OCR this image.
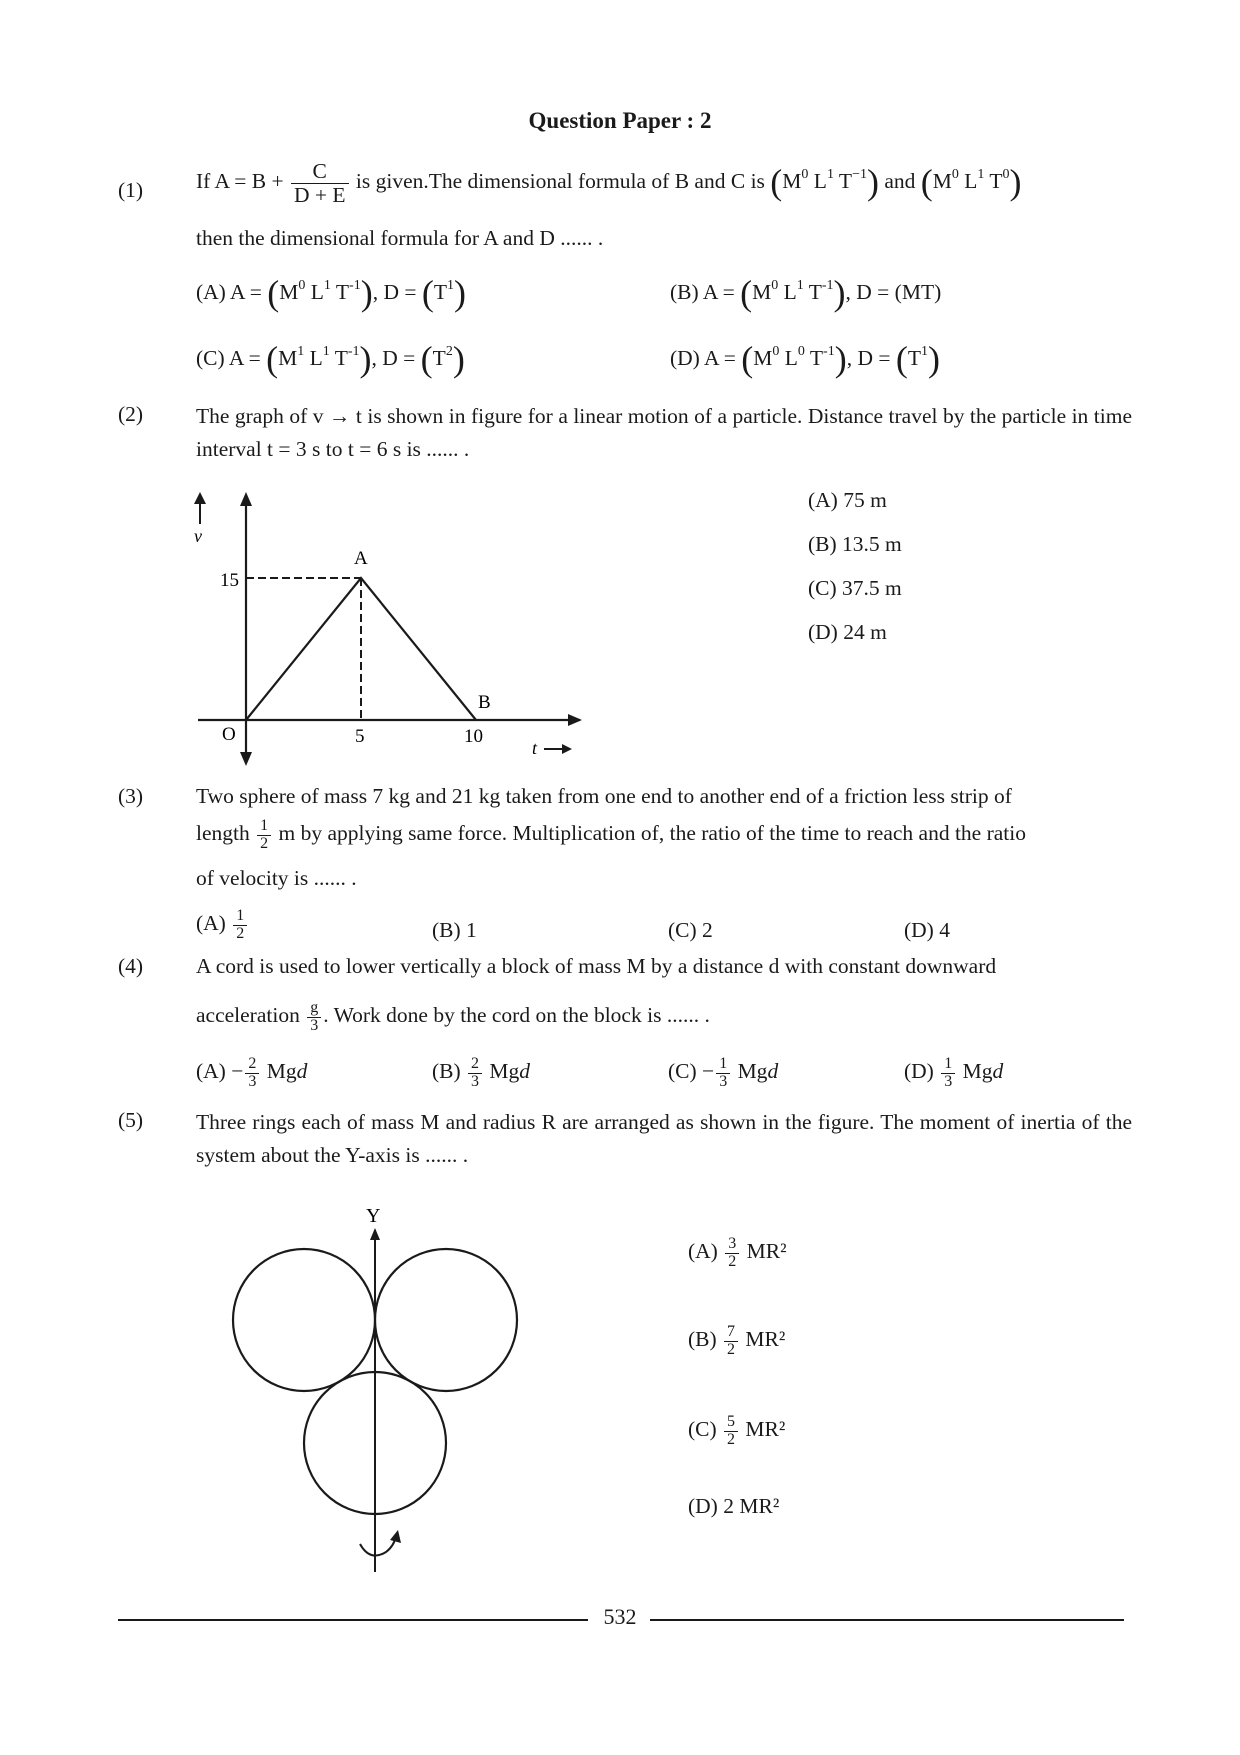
Question Paper : 2
(1) If $A = B + \frac{C}{D + E}$ is given.The dimensional formula of B and C is ($M^0$ $L^1$ $T^{-1}$) and ($M^0$ $L^1$ $T^0$)
then the dimensional formula for A and D ...... .
(A) $A = (M^0$ $L^1$ $T^{-1}$), $D = (T^1)$	(B) $A = (M^0$ $L^1$ $T^{-1}$), D = (MT)
(C) $A = (M^1$ $L^1$ $T^{-1}$), $D = (T^2)$	(D) $A = (M^0$ $L^0$ $T^{-1}$), $D = (T^1)$
(2) The graph of v → t is shown in figure for a linear motion of a particle. Distance travel by the particle in time interval t = 3 s to t = 6 s is ...... .
v
15
A
B
O	5	10
t
(A) 75 m
(B) 13.5 m
(C) 37.5 m
(D) 24 m
(3) Two sphere of mass 7 kg and 21 kg taken from one end to another end of a friction less strip of
length $\frac{1}{2}$ m by applying same force. Multiplication of, the ratio of the time to reach and the ratio
of velocity is ...... .
$(A) \frac{1}{2}$	(B) 1	(C) 2	(D) 4
(4) A cord is used to lower vertically a block of mass M by a distance d with constant downward
acceleration $\frac{g}{3}$ . Work done by the cord on the block is ...... .
$(A) - \frac{2}{3}$ Mgd	$(B) \frac{2}{3}$ Mgd	$(C) - \frac{1}{3}$ Mgd	$(D) \frac{1}{3}$ Mgd
(5) Three rings each of mass M and radius R are arranged as shown in the figure. The moment of inertia of the system about the Y-axis is ...... .
Y
$(A) \frac{3}{2} MR^2$
$(B) \frac{7}{2} MR^2$
$(C) \frac{5}{2} MR^2$
(D) 2 MR²
532
